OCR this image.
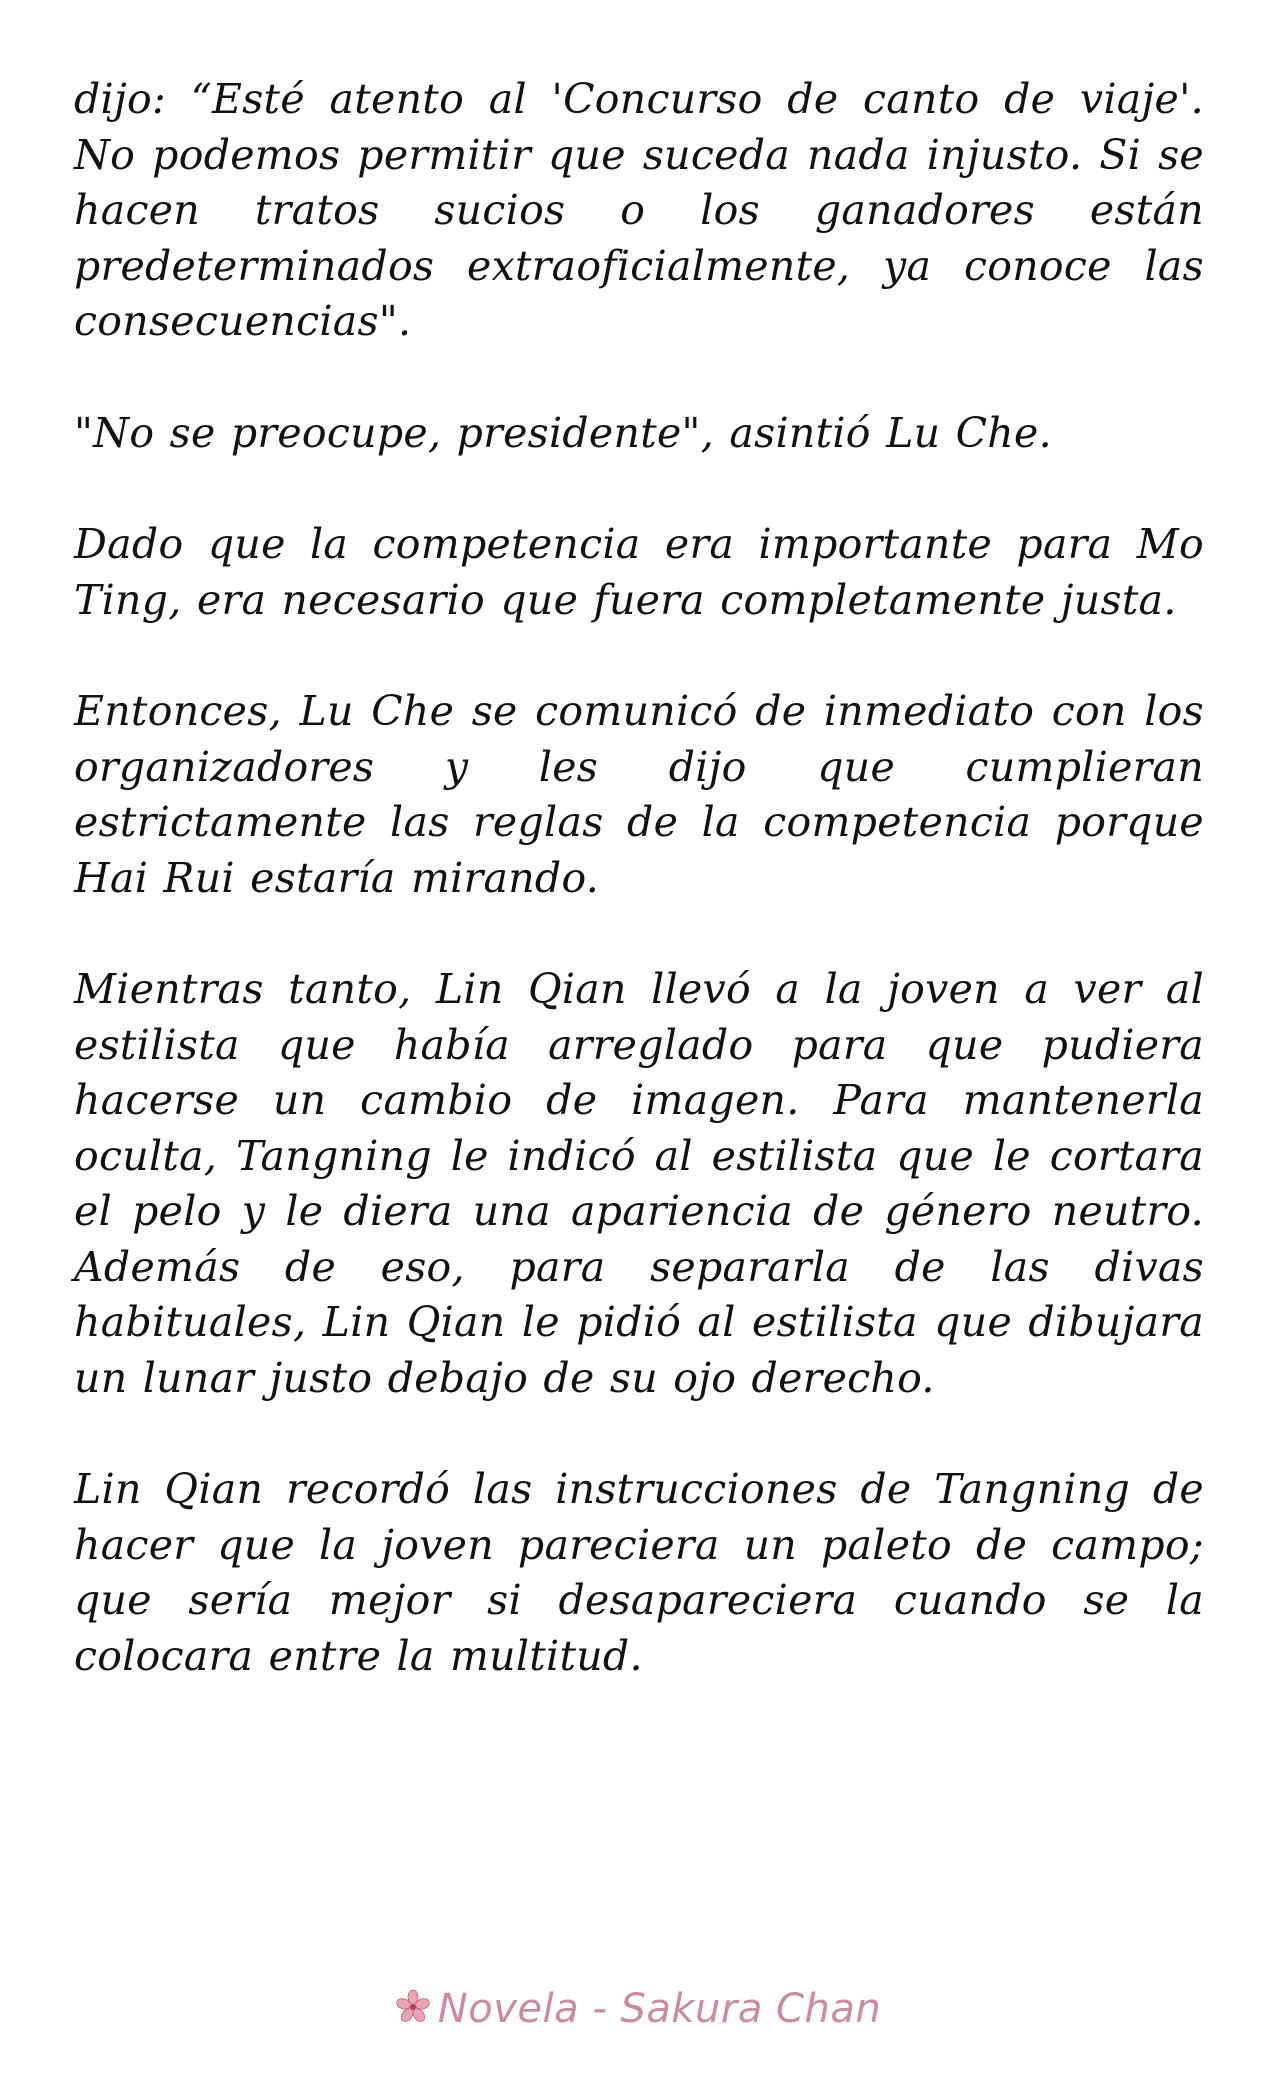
dijo: “Esté atento al 'Concurso de canto de viaje'. No podemos permitir que suceda nada injusto. Si se hacen tratos sucios o los ganadores están predeterminados extraoficialmente, ya conoce las consecuencias".

"No se preocupe, presidente", asintió Lu Che.

Dado que la competencia era importante para Mo Ting, era necesario que fuera completamente justa.

Entonces, Lu Che se comunicó de inmediato con los organizadores y les dijo que cumplieran estrictamente las reglas de la competencia porque Hai Rui estaría mirando.

Mientras tanto, Lin Qian llevó a la joven a ver al estilista que había arreglado para que pudiera hacerse un cambio de imagen. Para mantenerla oculta, Tangning le indicó al estilista que le cortara el pelo y le diera una apariencia de género neutro. Además de eso, para separarla de las divas habituales, Lin Qian le pidió al estilista que dibujara un lunar justo debajo de su ojo derecho.

Lin Qian recordó las instrucciones de Tangning de hacer que la joven pareciera un paleto de campo; que sería mejor si desapareciera cuando se la colocara entre la multitud.

Novela - Sakura Chan
